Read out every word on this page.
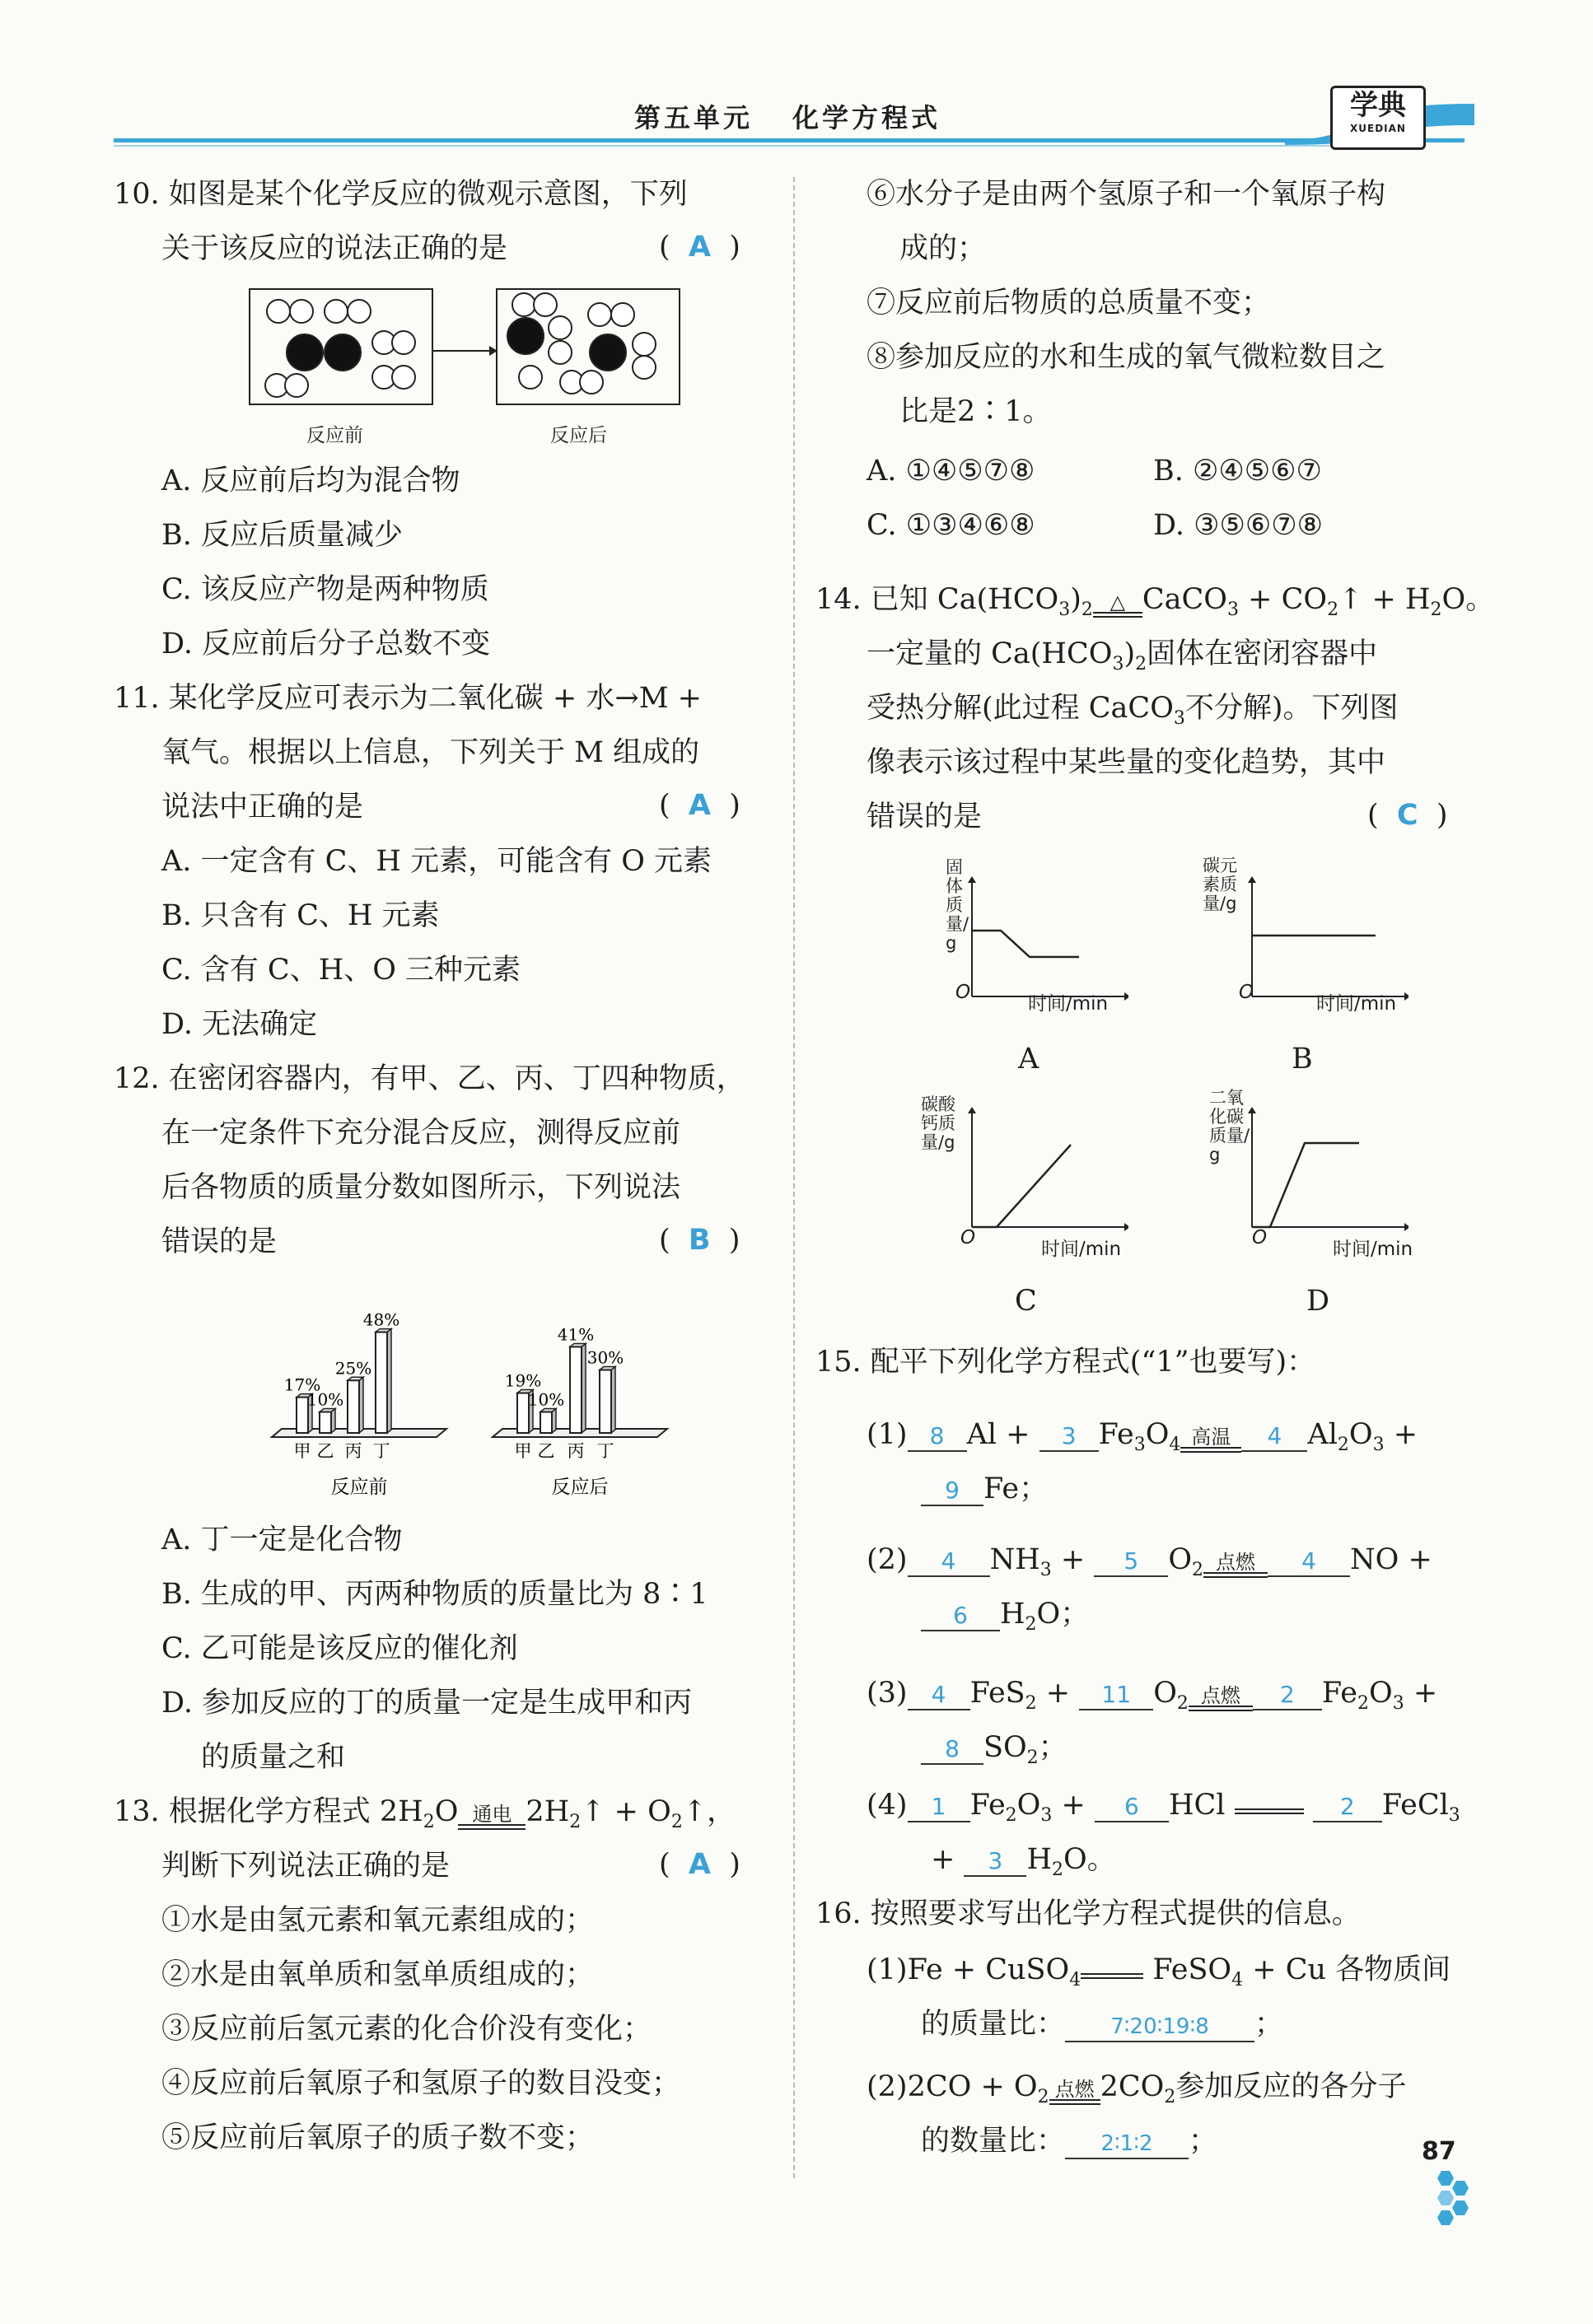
第五单元 化学方程式	学典
XUEDIAN
10. 如图是某个化学反应的微观示意图，下列
关于该反应的说法正确的是	(  A  )
反应前	反应后
A. 反应前后均为混合物
B. 反应后质量减少
C. 该反应产物是两种物质
D. 反应前后分子总数不变
11. 某化学反应可表示为二氧化碳 + 水→M +
氧气。根据以上信息，下列关于 M 组成的
说法中正确的是	(  A  )
A. 一定含有 C、H 元素，可能含有 O 元素
B. 只含有 C、H 元素
C. 含有 C、H、O 三种元素
D. 无法确定
12. 在密闭容器内，有甲、乙、丙、丁四种物质，
在一定条件下充分混合反应，测得反应前
后各物质的质量分数如图所示，下列说法
错误的是	(  B  )
17%
甲
10%
乙
25%
丙
48%
丁
反应前
19%
甲
10%
乙
41%
丙
30%
丁
反应后
A. 丁一定是化合物
B. 生成的甲、丙两种物质的质量比为 8∶1
C. 乙可能是该反应的催化剂
D. 参加反应的丁的质量一定是生成甲和丙
的质量之和
13. 根据化学方程式 $2H_2O$ 通电 $2H_2↑$ + $O_2↑$，
判断下列说法正确的是	(  A  )
①水是由氢元素和氧元素组成的；
②水是由氧单质和氢单质组成的；
③反应前后氢元素的化合价没有变化；
④反应前后氧原子和氢原子的数目没变；
⑤反应前后氧原子的质子数不变；
⑥水分子是由两个氢原子和一个氧原子构
成的；
⑦反应前后物质的总质量不变；
⑧参加反应的水和生成的氧气微粒数目之
比是2∶1。
A. ①④⑤⑦⑧	B. ②④⑤⑥⑦
C. ①③④⑥⑧	D. ③⑤⑥⑦⑧
14. 已知 $Ca(HCO_3)_2$ △ CaCO$_3$ + $CO_2↑ + H_2O$。
一定量的 $Ca(HCO_3)_2$固体在密闭容器中
受热分解(此过程 CaCO$_3$不分解)。下列图
像表示该过程中某些量的变化趋势，其中
错误的是	(  C  )
固体质量/g
碳元素质量/g
碳酸钙质量/g
二氧化碳质量/g
时间/min	时间/min
时间/min	时间/min
O	O
O	O
A	B
C	D
15. 配平下列化学方程式(“1”也要写)：
(1) 8 Al + 3 $Fe_3O_4$ 高温	4 $Al_2O_3$ +
9 Fe；
(2) 4 $NH_3 + 5$ $O_2$ 点燃	4 NO +
6 $H_2O$；
(3) 4 FeS$_2$ + 11 $O_2$ 点燃	2 $Fe_2O_3$ +
8 $SO_2$；
(4) 1 $Fe_2O_3 + 6$ HCl	2 FeCl$_3$
+ 3 $H_2O$。
16. 按照要求写出化学方程式提供的信息。
(1)Fe + CuSO$_4$ FeSO$_4$ + Cu 各物质间
的质量比： 7∶20∶19∶8 ；
$(2)2CO + O_2$ 点燃 $2CO_2$参加反应的各分子
的数量比： 2∶1∶2 ；	87
